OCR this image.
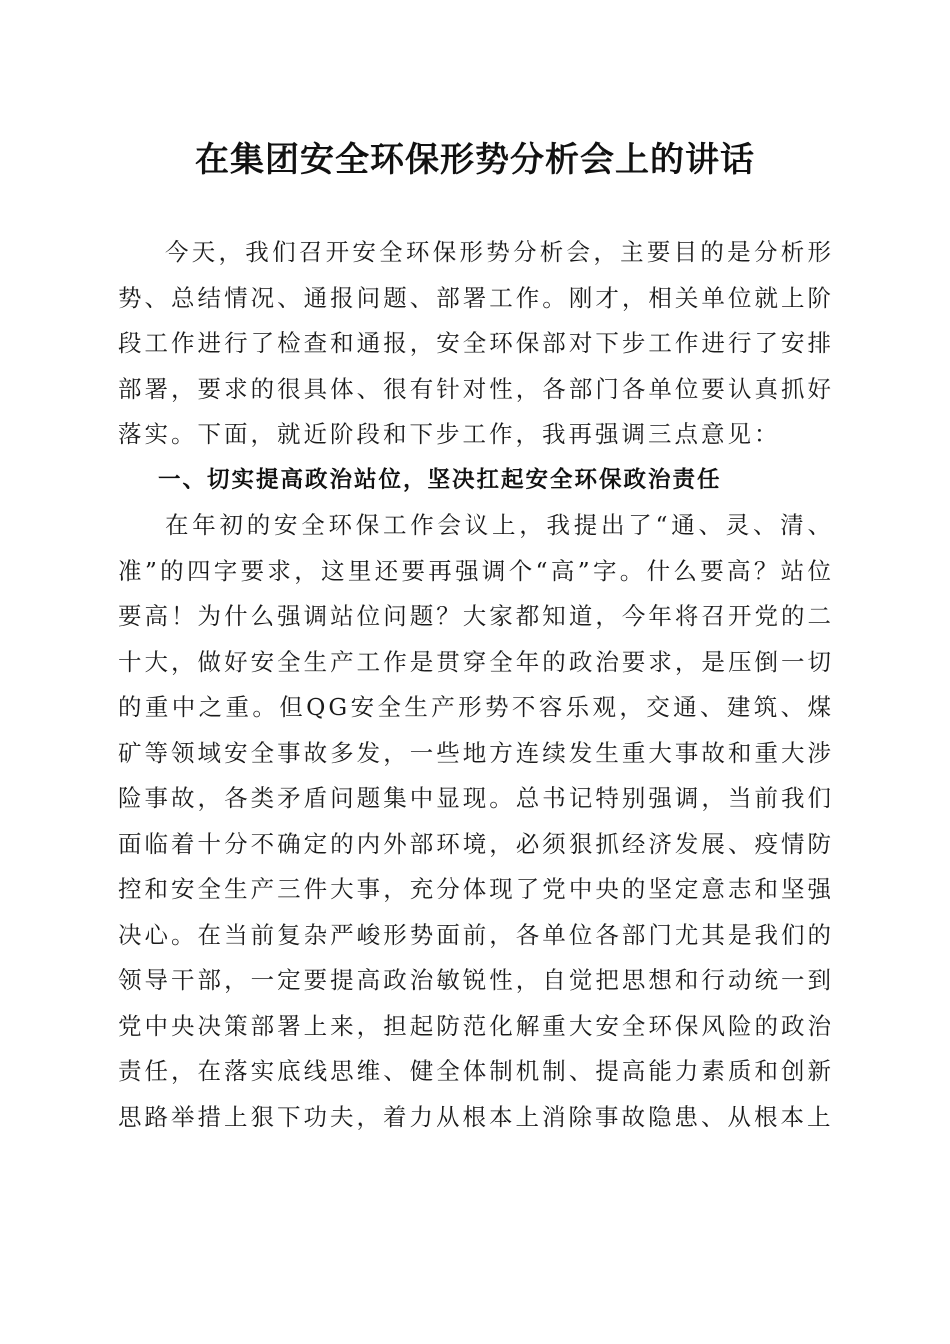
在集团安全环保形势分析会上的讲话

今天，我们召开安全环保形势分析会，主要目的是分析形势、总结情况、通报问题、部署工作。刚才，相关单位就上阶段工作进行了检查和通报，安全环保部对下步工作进行了安排部署，要求的很具体、很有针对性，各部门各单位要认真抓好落实。下面，就近阶段和下步工作，我再强调三点意见：

一、切实提高政治站位，坚决扛起安全环保政治责任

在年初的安全环保工作会议上，我提出了“通、灵、清、准”的四字要求，这里还要再强调个“高”字。什么要高？站位要高！为什么强调站位问题？大家都知道，今年将召开党的二十大，做好安全生产工作是贯穿全年的政治要求，是压倒一切的重中之重。但QG安全生产形势不容乐观，交通、建筑、煤矿等领域安全事故多发，一些地方连续发生重大事故和重大涉险事故，各类矛盾问题集中显现。总书记特别强调，当前我们面临着十分不确定的内外部环境，必须狠抓经济发展、疫情防控和安全生产三件大事，充分体现了党中央的坚定意志和坚强决心。在当前复杂严峻形势面前，各单位各部门尤其是我们的领导干部，一定要提高政治敏锐性，自觉把思想和行动统一到党中央决策部署上来，担起防范化解重大安全环保风险的政治责任，在落实底线思维、健全体制机制、提高能力素质和创新思路举措上狠下功夫，着力从根本上消除事故隐患、从根本上
